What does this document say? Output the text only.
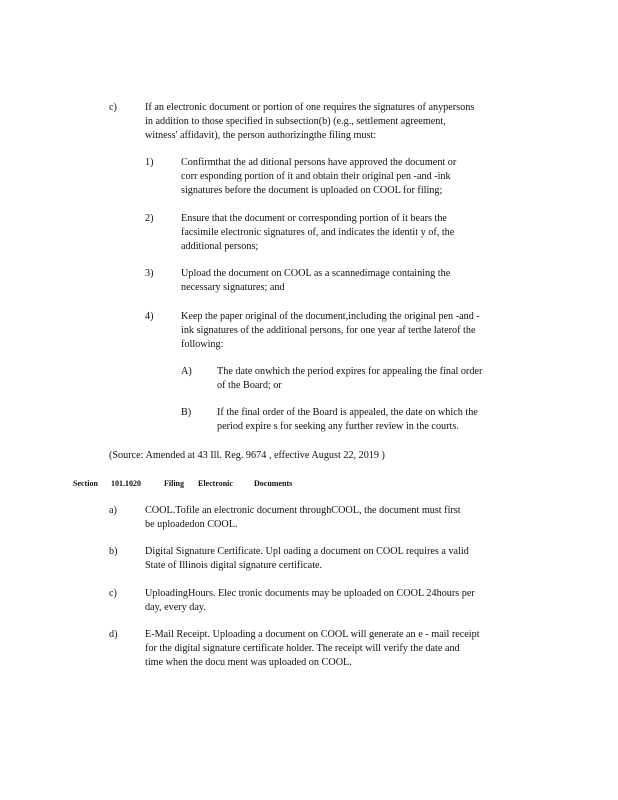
c)	If an electronic document or portion of one requires the signatures of anypersons
in addition to those specified in subsection(b) (e.g., settlement agreement,
witness' affidavit), the person authorizingthe filing must:
1)	Confirmthat the ad ditional persons have approved the document or
corr esponding portion of it and obtain their original pen -and -ink
signatures before the document is uploaded on COOL for filing;
2)	Ensure that the document or corresponding portion of it bears the
facsimile electronic signatures of, and indicates the identit y of, the
additional persons;
3)	Upload the document on COOL as a scannedimage containing the
necessary signatures; and
4)	Keep the paper original of the document,including the original pen -and -
ink signatures of the additional persons, for one year af terthe laterof the
following:
A) The date onwhich the period expires for appealing the final order
of the Board; or
B)	If the final order of the Board is appealed, the date on which the
period expire s for seeking any further review in the courts.
(Source: Amended at 43 Ill. Reg. 9674 , effective August 22, 2019 )
Section 101.1020	Filing Electronic	Documents
a)	COOL.Tofile an electronic document throughCOOL, the document must first
be uploadedon COOL.
b)	Digital Signature Certificate. Upl oading a document on COOL requires a valid
State of Illinois digital signature certificate.
c)	UploadingHours. Elec tronic documents may be uploaded on COOL 24hours per
day, every day.
d)	E-Mail Receipt. Uploading a document on COOL will generate an e - mail receipt
for the digital signature certificate holder. The receipt will verify the date and
time when the docu ment was uploaded on COOL.
